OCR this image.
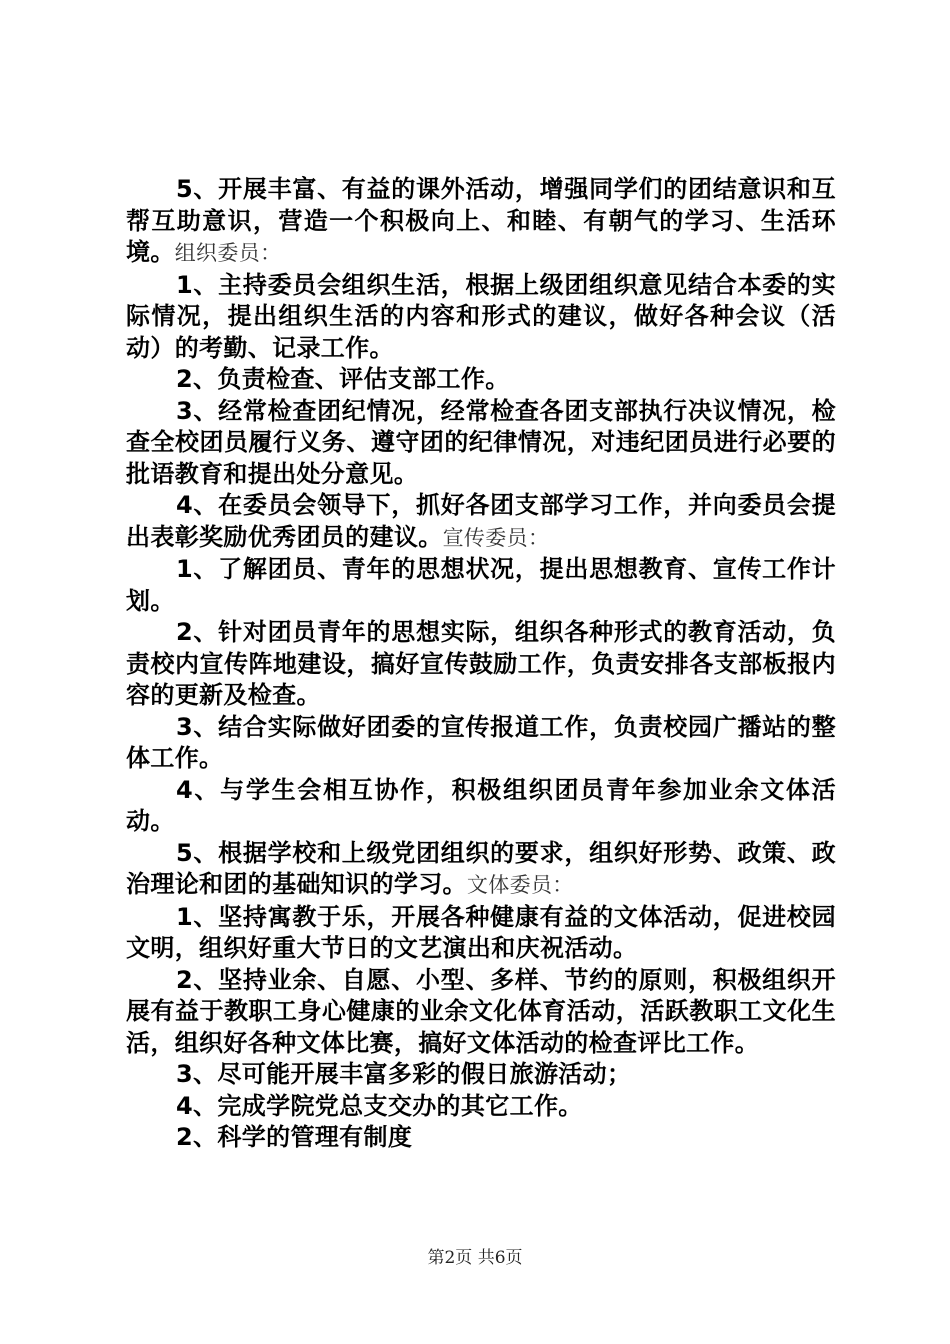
5、开展丰富、有益的课外活动，增强同学们的团结意识和互帮互助意识，营造一个积极向上、和睦、有朝气的学习、生活环境。组织委员：

1、主持委员会组织生活，根据上级团组织意见结合本委的实际情况，提出组织生活的内容和形式的建议，做好各种会议（活动）的考勤、记录工作。

2、负责检查、评估支部工作。

3、经常检查团纪情况，经常检查各团支部执行决议情况，检查全校团员履行义务、遵守团的纪律情况，对违纪团员进行必要的批语教育和提出处分意见。

4、在委员会领导下，抓好各团支部学习工作，并向委员会提出表彰奖励优秀团员的建议。宣传委员：

1、了解团员、青年的思想状况，提出思想教育、宣传工作计划。

2、针对团员青年的思想实际，组织各种形式的教育活动，负责校内宣传阵地建设，搞好宣传鼓励工作，负责安排各支部板报内容的更新及检查。

3、结合实际做好团委的宣传报道工作，负责校园广播站的整体工作。

4、与学生会相互协作，积极组织团员青年参加业余文体活动。

5、根据学校和上级党团组织的要求，组织好形势、政策、政治理论和团的基础知识的学习。文体委员：

1、坚持寓教于乐，开展各种健康有益的文体活动，促进校园文明，组织好重大节日的文艺演出和庆祝活动。

2、坚持业余、自愿、小型、多样、节约的原则，积极组织开展有益于教职工身心健康的业余文化体育活动，活跃教职工文化生活，组织好各种文体比赛，搞好文体活动的检查评比工作。

3、尽可能开展丰富多彩的假日旅游活动；

4、完成学院党总支交办的其它工作。

2、科学的管理有制度

第2页 共6页
